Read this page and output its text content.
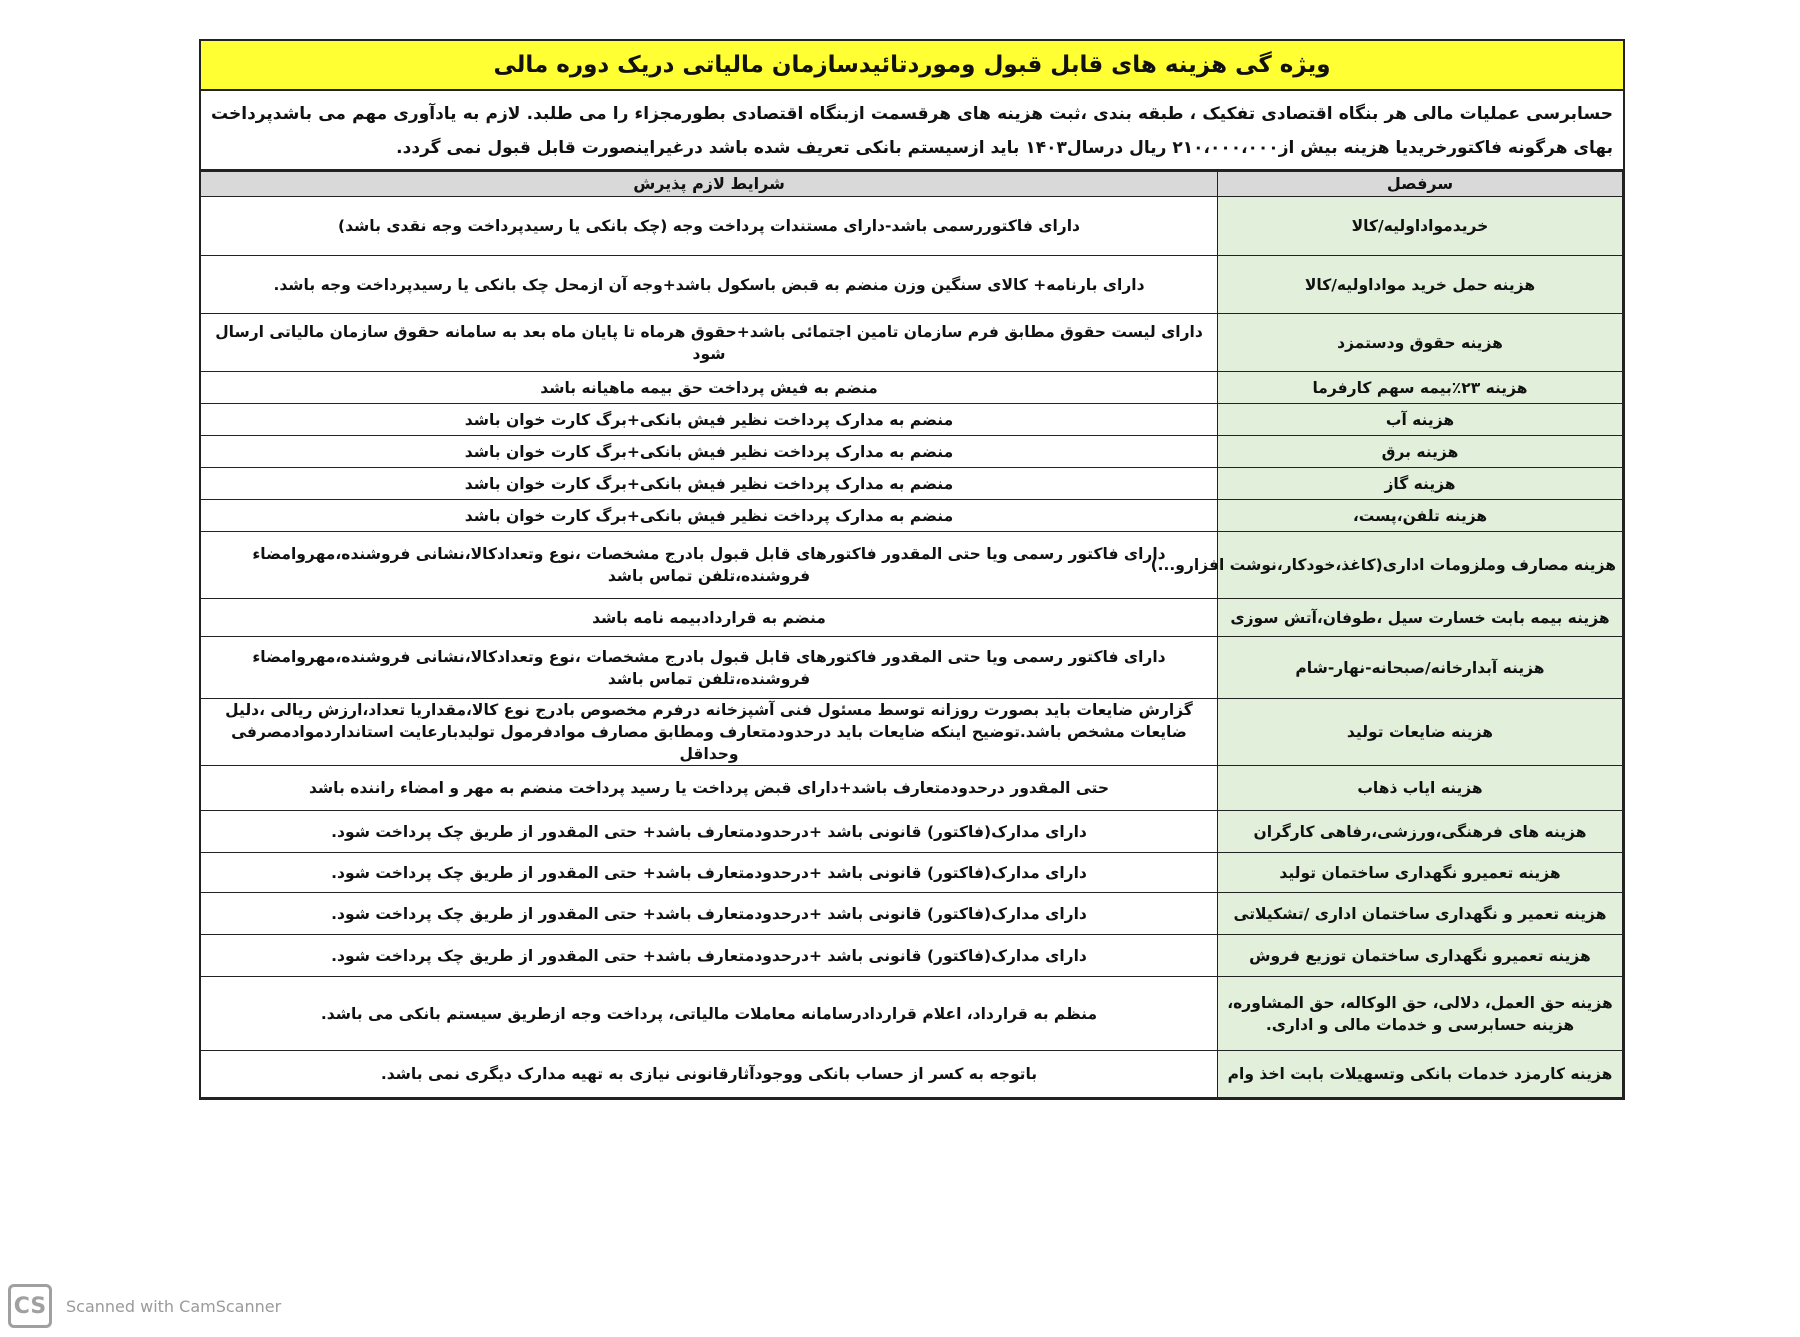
ویژه گی هزینه های قابل قبول وموردتائیدسازمان مالیاتی دریک دوره مالی
حسابرسی عملیات مالی هر بنگاه اقتصادی تفکیک ، طبقه بندی ،ثبت هزینه های هرقسمت ازبنگاه اقتصادی بطورمجزاء را می طلبد. لازم به یادآوری مهم می باشدپرداخت بهای هرگونه فاکتورخریدیا هزینه بیش از۲۱۰،۰۰۰،۰۰۰ ریال درسال۱۴۰۳ باید ازسیستم بانکی تعریف شده باشد درغیراینصورت قابل قبول نمی گردد.
سرفصل	شرایط لازم پذیرش
خریدمواداولیه/کالا	دارای فاکتوررسمی باشد-دارای مستندات پرداخت وجه (چک بانکی یا رسیدپرداخت وجه نقدی باشد)
هزینه حمل خرید مواداولیه/کالا	دارای بارنامه+ کالای سنگین وزن منضم به قبض باسکول باشد+وجه آن ازمحل چک بانکی یا رسیدپرداخت وجه باشد.
هزینه حقوق ودستمزد	دارای لیست حقوق مطابق فرم سازمان تامین اجتمائی باشد+حقوق هرماه تا پایان ماه بعد به سامانه حقوق سازمان مالیاتی ارسال شود
هزینه ۲۳٪بیمه سهم کارفرما	منضم به فیش پرداخت حق بیمه ماهیانه باشد
هزینه آب	منضم به مدارک پرداخت نظیر فیش بانکی+برگ کارت خوان باشد
هزینه برق	منضم به مدارک پرداخت نظیر فیش بانکی+برگ کارت خوان باشد
هزینه گاز	منضم به مدارک پرداخت نظیر فیش بانکی+برگ کارت خوان باشد
هزینه تلفن،پست،	منضم به مدارک پرداخت نظیر فیش بانکی+برگ کارت خوان باشد
هزینه مصارف وملزومات اداری(کاغذ،خودکار،نوشت افزارو...)	دارای فاکتور رسمی ویا حتی المقدور فاکتورهای قابل قبول بادرج مشخصات ،نوع وتعدادکالا،نشانی فروشنده،مهروامضاء فروشنده،تلفن تماس باشد
هزینه بیمه بابت خسارت سیل ،طوفان،آتش سوزی	منضم به قراردادبیمه نامه باشد
هزینه آبدارخانه/صبحانه-نهار-شام	دارای فاکتور رسمی ویا حتی المقدور فاکتورهای قابل قبول بادرج مشخصات ،نوع وتعدادکالا،نشانی فروشنده،مهروامضاء فروشنده،تلفن تماس باشد
هزینه ضایعات تولید	گزارش ضایعات باید بصورت روزانه توسط مسئول فنی آشپزخانه درفرم مخصوص بادرج نوع کالا،مقداریا تعداد،ارزش ریالی ،دلیل ضایعات مشخص باشد.توضیح اینکه ضایعات باید درحدودمتعارف ومطابق مصارف موادفرمول تولیدبارعایت استانداردموادمصرفی وحداقل
هزینه ایاب ذهاب	حتی المقدور درحدودمتعارف باشد+دارای قبض پرداخت یا رسید پرداخت منضم به مهر و امضاء راننده باشد
هزینه های فرهنگی،ورزشی،رفاهی کارگران	دارای مدارک(فاکتور) قانونی باشد +درحدودمتعارف باشد+ حتی المقدور از طریق چک پرداخت شود.
هزینه تعمیرو نگهداری ساختمان تولید	دارای مدارک(فاکتور) قانونی باشد +درحدودمتعارف باشد+ حتی المقدور از طریق چک پرداخت شود.
هزینه تعمیر و نگهداری ساختمان اداری /تشکیلاتی	دارای مدارک(فاکتور) قانونی باشد +درحدودمتعارف باشد+ حتی المقدور از طریق چک پرداخت شود.
هزینه تعمیرو نگهداری ساختمان توزیع فروش	دارای مدارک(فاکتور) قانونی باشد +درحدودمتعارف باشد+ حتی المقدور از طریق چک پرداخت شود.
هزینه حق العمل، دلالی، حق الوکاله، حق المشاوره، هزینه حسابرسی و خدمات مالی و اداری.	منظم به قرارداد، اعلام قراردادرسامانه معاملات مالیاتی، پرداخت وجه ازطریق سیستم بانکی می باشد.
هزینه کارمزد خدمات بانکی وتسهیلات بابت اخذ وام	باتوجه به کسر از حساب بانکی ووجودآثارقانونی نیازی به تهیه مدارک دیگری نمی باشد.
CS	Scanned with CamScanner
